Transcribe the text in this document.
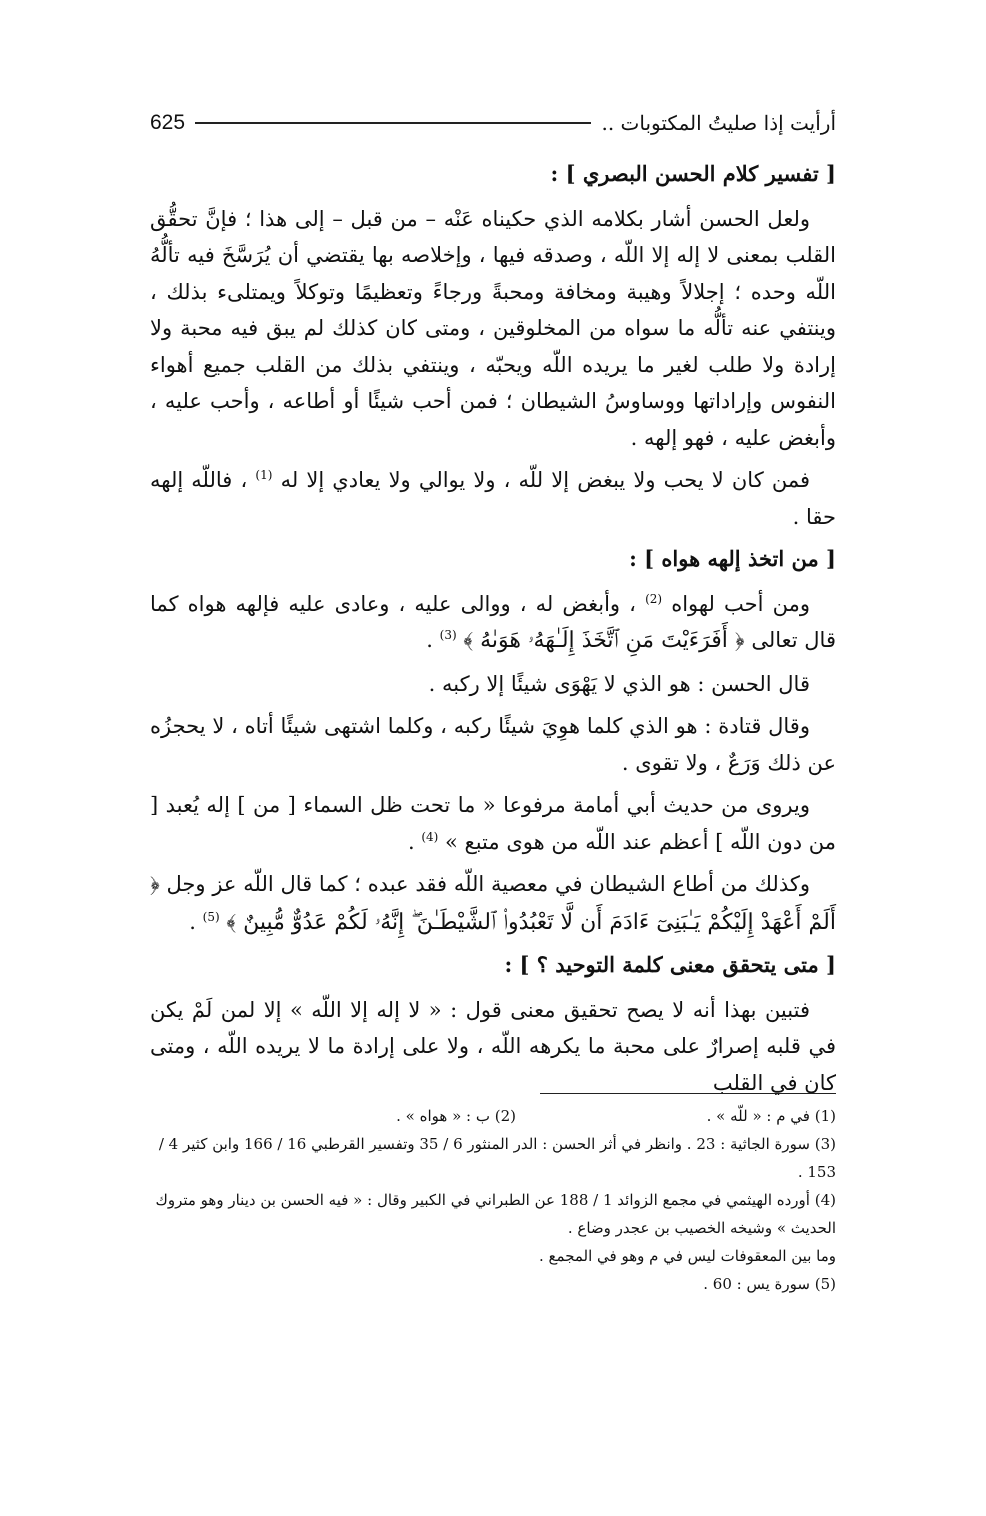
أرأيت إذا صليتُ المكتوبات ..
625

[ تفسير كلام الحسن البصري ] :

ولعل الحسن أشار بكلامه الذي حكيناه عَنْه – من قبل – إلى هذا ؛ فإنَّ تحقُّق القلب بمعنى لا إله إلا اللّه ، وصدقه فيها ، وإخلاصه بها يقتضي أن يُرَسَّخَ فيه تألُّهُ اللّه وحده ؛ إجلالاً وهيبة ومخافة ومحبةً ورجاءً وتعظيمًا وتوكلاً ويمتلىء بذلك ، وينتفي عنه تألُّه ما سواه من المخلوقين ، ومتى كان كذلك لم يبق فيه محبة ولا إرادة ولا طلب لغير ما يريده اللّه ويحبّه ، وينتفي بذلك من القلب جميع أهواء النفوس وإراداتها ووساوسُ الشيطان ؛ فمن أحب شيئًا أو أطاعه ، وأحب عليه ، وأبغض عليه ، فهو إلهه .

فمن كان لا يحب ولا يبغض إلا للّه ، ولا يوالي ولا يعادي إلا له $^{(1)}$ ، فاللّه إلهه حقا .

[ من اتخذ إلهه هواه ] :

ومن أحب لهواه $^{(2)}$ ، وأبغض له ، ووالى عليه ، وعادى عليه فإلهه هواه كما قال تعالى ﴿ أَفَرَءَيْتَ مَنِ ٱتَّخَذَ إِلَـٰهَهُۥ هَوَىٰهُ ﴾ $^{(3)}$ .

قال الحسن : هو الذي لا يَهْوَى شيئًا إلا ركبه .

وقال قتادة : هو الذي كلما هوِيَ شيئًا ركبه ، وكلما اشتهى شيئًا أتاه ، لا يحجزُه عن ذلك وَرَعٌ ، ولا تقوى .

ويروى من حديث أبي أمامة مرفوعا « ما تحت ظل السماء [ من ] إله يُعبد [ من دون اللّه ] أعظم عند اللّه من هوى متبع » $^{(4)}$ .

وكذلك من أطاع الشيطان في معصية اللّه فقد عبده ؛ كما قال اللّه عز وجل ﴿ أَلَمْ أَعْهَدْ إِلَيْكُمْ يَـٰبَنِىٓ ءَادَمَ أَن لَّا تَعْبُدُوا۟ ٱلشَّيْطَـٰنَ ۖ إِنَّهُۥ لَكُمْ عَدُوٌّ مُّبِينٌ ﴾ $^{(5)}$ .

[ متى يتحقق معنى كلمة التوحيد ؟ ] :

فتبين بهذا أنه لا يصح تحقيق معنى قول : « لا إله إلا اللّه » إلا لمن لَمْ يكن في قلبه إصرارٌ على محبة ما يكرهه اللّه ، ولا على إرادة ما لا يريده اللّه ، ومتى كان في القلب

(1) في م : « للّه » .
(2) ب : « هواه » .

(3) سورة الجاثية : 23 . وانظر في أثر الحسن : الدر المنثور 6 / 35 وتفسير القرطبي 16 / 166 وابن كثير 4 / 153 .

(4) أورده الهيثمي في مجمع الزوائد 1 / 188 عن الطبراني في الكبير وقال : « فيه الحسن بن دينار وهو متروك الحديث » وشيخه الخصيب بن عجدر وضاع .

وما بين المعقوفات ليس في م وهو في المجمع .

(5) سورة يس : 60 .
